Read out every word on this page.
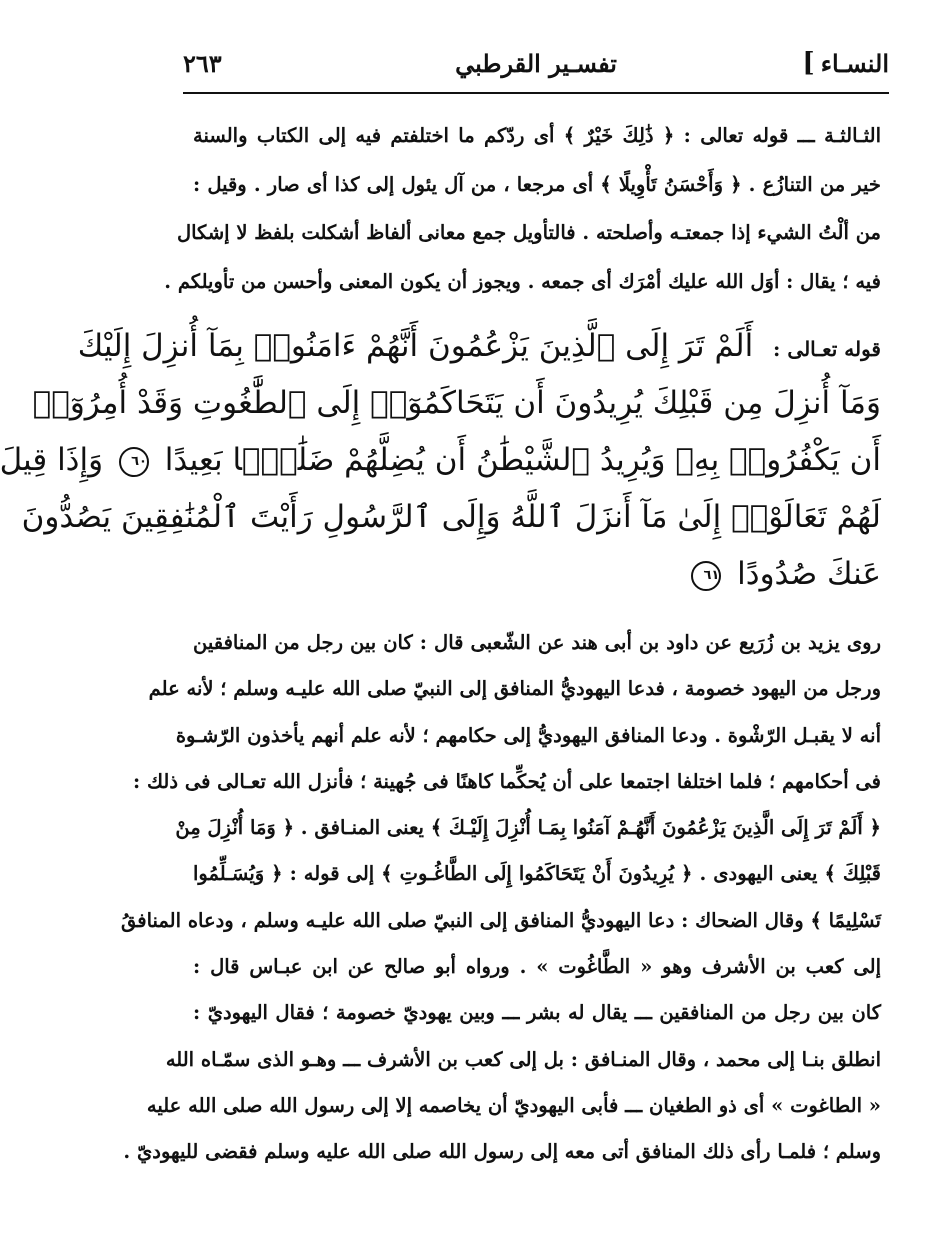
النسـاء
]
تفسـير القرطبي
٢٦٣
الثـالثـة ـــ قوله تعالى : ﴿ ذَٰلِكَ خَيْرٌ ﴾ أى ردّكم ما اختلفتم فيه إلى الكتاب والسنة
خير من التنازُع . ﴿ وَأَحْسَنُ تَأْوِيلًا ﴾ أى مرجعا ، من آل يئول إلى كذا أى صار . وقيل :
من ألْتُ الشيء إذا جمعتـه وأصلحته . فالتأويل جمع معانى ألفاظ أشكلت بلفظ لا إشكال
فيه ؛ يقال : أوَل الله عليك أمْرَك أى جمعه . ويجوز أن يكون المعنى وأحسن من تأويلكم .
قوله تعـالى : أَلَمْ تَرَ إِلَى ٱلَّذِينَ يَزْعُمُونَ أَنَّهُمْ ءَامَنُوا۟ بِمَآ أُنزِلَ إِلَيْكَ
وَمَآ أُنزِلَ مِن قَبْلِكَ يُرِيدُونَ أَن يَتَحَاكَمُوٓا۟ إِلَى ٱلطَّٰغُوتِ وَقَدْ أُمِرُوٓا۟
أَن يَكْفُرُوا۟ بِهِۦ وَيُرِيدُ ٱلشَّيْطَٰنُ أَن يُضِلَّهُمْ ضَلَٰلًۢا بَعِيدًا ٦٠ وَإِذَا قِيلَ
لَهُمْ تَعَالَوْا۟ إِلَىٰ مَآ أَنزَلَ ٱللَّهُ وَإِلَى ٱلرَّسُولِ رَأَيْتَ ٱلْمُنَٰفِقِينَ يَصُدُّونَ
عَنكَ صُدُودًا ٦١
روى يزيد بن زُرَيع عن داود بن أبى هند عن الشّعبى قال : كان بين رجل من المنافقين
ورجل من اليهود خصومة ، فدعا اليهوديُّ المنافق إلى النبيّ صلى الله عليـه وسلم ؛ لأنه علم
أنه لا يقبـل الرّشْوة . ودعا المنافق اليهوديُّ إلى حكامهم ؛ لأنه علم أنهم يأخذون الرّشـوة
فى أحكامهم ؛ فلما اختلفا اجتمعا على أن يُحكِّما كاهنًا فى جُهينة ؛ فأنزل الله تعـالى فى ذلك :
﴿ أَلَمْ تَرَ إِلَى الَّذِينَ يَزْعُمُونَ أَنَّهُـمْ آمَنُوا بِمَـا أُنْزِلَ إِلَيْـكَ ﴾ يعنى المنـافق . ﴿ وَمَا أُنْزِلَ مِنْ
قَبْلِكَ ﴾ يعنى اليهودى . ﴿ يُرِيدُونَ أَنْ يَتَحَاكَمُوا إِلَى الطَّاغُـوتِ ﴾ إلى قوله : ﴿ وَيُسَـلِّمُوا
تَسْلِيمًا ﴾ وقال الضحاك : دعا اليهوديُّ المنافق إلى النبيّ صلى الله عليـه وسلم ، ودعاه المنافقُ
إلى كعب بن الأشرف وهو « الطَّاغُوت » . ورواه أبو صالح عن ابن عبـاس قال :
كان بين رجل من المنافقين ـــ يقال له بشر ـــ وبين يهوديّ خصومة ؛ فقال اليهوديّ :
انطلق بنـا إلى محمد ، وقال المنـافق : بل إلى كعب بن الأشرف ـــ وهـو الذى سمّـاه الله
« الطاغوت » أى ذو الطغيان ـــ فأبى اليهوديّ أن يخاصمه إلا إلى رسول الله صلى الله عليه
وسلم ؛ فلمـا رأى ذلك المنافق أتى معه إلى رسول الله صلى الله عليه وسلم فقضى لليهوديّ .
